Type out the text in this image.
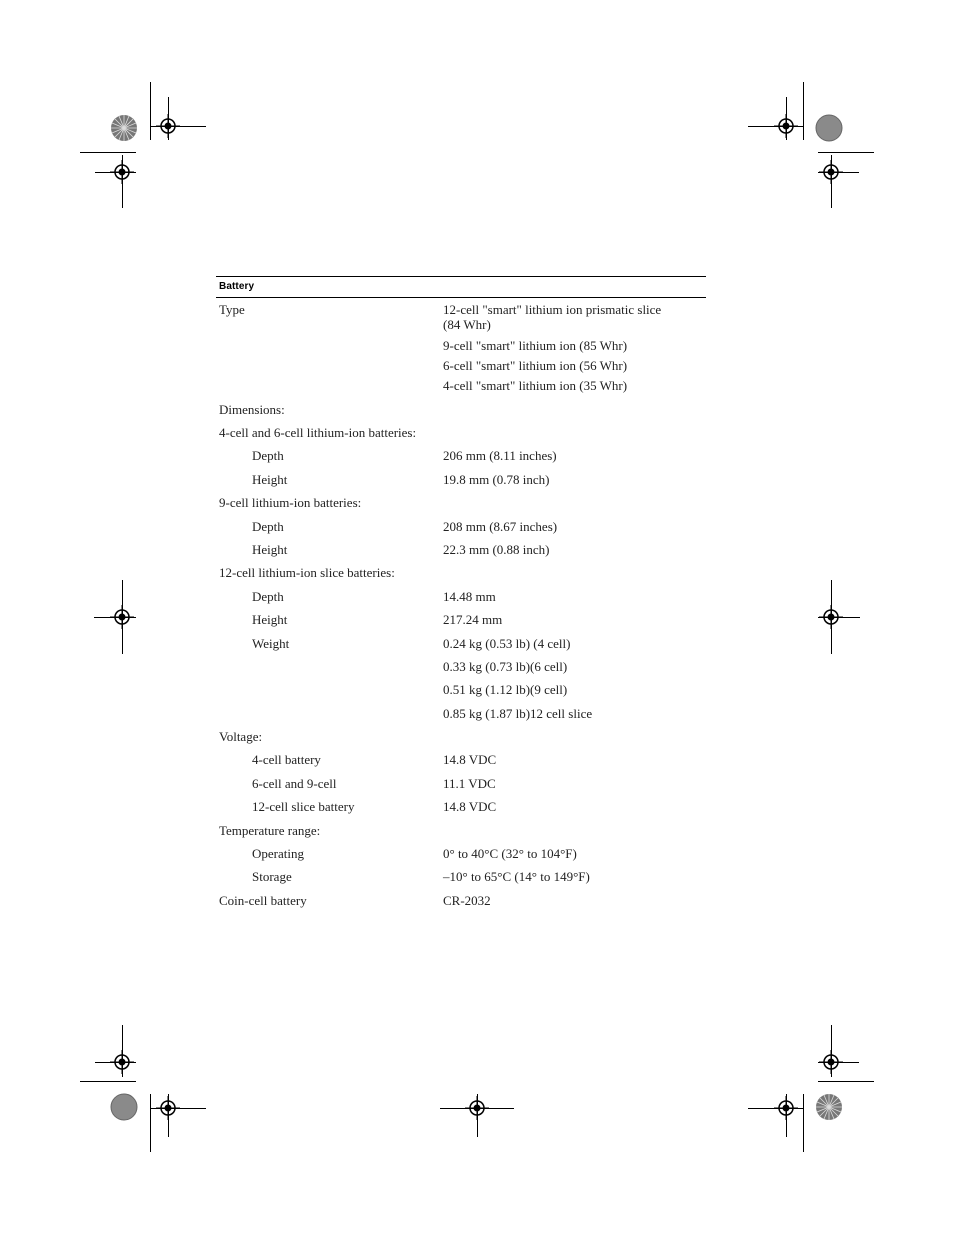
Battery
Type	12-cell "smart" lithium ion prismatic slice
(84 Whr)
9-cell "smart" lithium ion (85 Whr)
6-cell "smart" lithium ion (56 Whr)
4-cell "smart" lithium ion (35 Whr)
Dimensions:
4-cell and 6-cell lithium-ion batteries:
Depth	206 mm (8.11 inches)
Height	19.8 mm (0.78 inch)
9-cell lithium-ion batteries:
Depth	208 mm (8.67 inches)
Height	22.3 mm (0.88 inch)
12-cell lithium-ion slice batteries:
Depth	14.48 mm
Height	217.24 mm
Weight	0.24 kg (0.53 lb) (4 cell)
0.33 kg (0.73 lb)(6 cell)
0.51 kg (1.12 lb)(9 cell)
0.85 kg (1.87 lb)12 cell slice
Voltage:
4-cell battery	14.8 VDC
6-cell and 9-cell	11.1 VDC
12-cell slice battery	14.8 VDC
Temperature range:
Operating	0° to 40°C (32° to 104°F)
Storage	–10° to 65°C (14° to 149°F)
Coin-cell battery	CR-2032
